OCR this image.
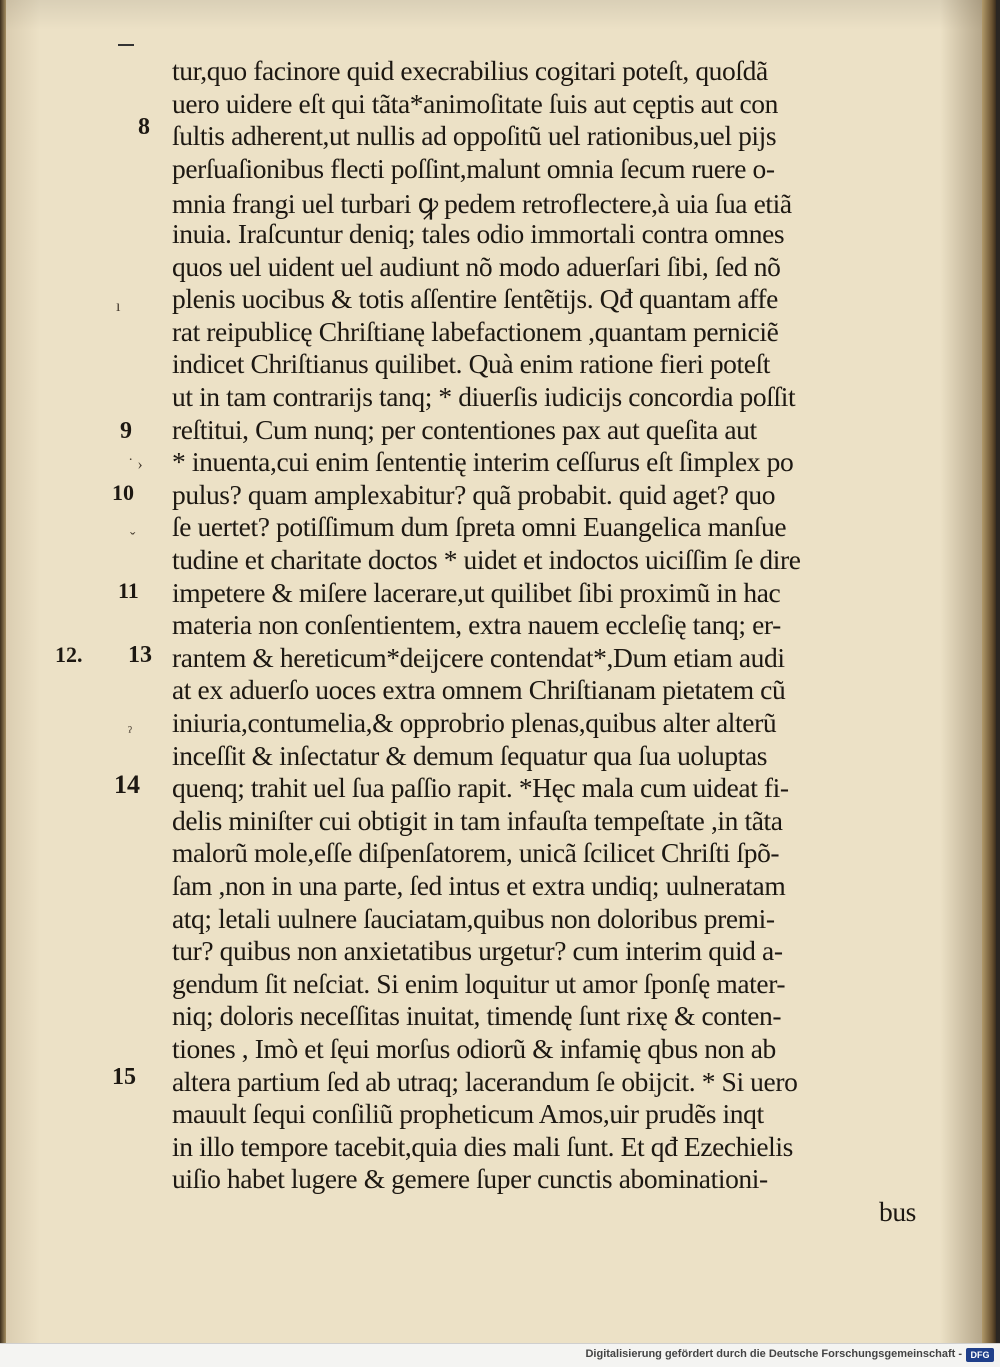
tur,quo facinore quid execrabilius cogitari poteſt, quoſdã
uero uidere eſt qui tãta*animoſitate ſuis aut cęptis aut con
ſultis adherent,ut nullis ad oppoſitũ uel rationibus,uel pijs
perſuaſionibus flecti poſſint,malunt omnia ſecum ruere o-
mnia frangi uel turbari ꝙ pedem retroflectere,à uia ſua etiã
inuia. Iraſcuntur deniq; tales odio immortali contra omnes
quos uel uident uel audiunt nõ modo aduerſari ſibi, ſed nõ
plenis uocibus & totis aſſentire ſentẽtijs. Qđ quantam affe
rat reipublicę Chriſtianę labefactionem ,quantam perniciẽ
indicet Chriſtianus quilibet. Quà enim ratione fieri poteſt
ut in tam contrarijs tanq; * diuerſis iudicijs concordia poſſit
reſtitui, Cum nunq; per contentiones pax aut queſita aut
* inuenta,cui enim ſententię interim ceſſurus eſt ſimplex po
pulus? quam amplexabitur? quã probabit. quid aget? quo
ſe uertet? potiſſimum dum ſpreta omni Euangelica manſue
tudine et charitate doctos * uidet et indoctos uiciſſim ſe dire
impetere & miſere lacerare,ut quilibet ſibi proximũ in hac
materia non conſentientem, extra nauem eccleſię tanq; er-
rantem & hereticum*deijcere contendat*,Dum etiam audi
at ex aduerſo uoces extra omnem Chriſtianam pietatem cũ
iniuria,contumelia,& opprobrio plenas,quibus alter alterũ
inceſſit & inſectatur & demum ſequatur qua ſua uoluptas
quenq; trahit uel ſua paſſio rapit. *Hęc mala cum uideat fi-
delis miniſter cui obtigit in tam infauſta tempeſtate ,in tãta
malorũ mole,eſſe diſpenſatorem, unicã ſcilicet Chriſti ſpõ-
ſam ,non in una parte, ſed intus et extra undiq; uulneratam
atq; letali uulnere ſauciatam,quibus non doloribus premi-
tur? quibus non anxietatibus urgetur? cum interim quid a-
gendum ſit neſciat. Si enim loquitur ut amor ſponſę mater-
niq; doloris neceſſitas inuitat, timendę ſunt rixę & conten-
tiones , Imò et ſęui morſus odiorũ & infamię qbus non ab
altera partium ſed ab utraq; lacerandum ſe obijcit. * Si uero
mauult ſequi conſiliũ propheticum Amos,uir prudẽs inqt
in illo tempore tacebit,quia dies mali ſunt. Et qđ Ezechielis
uiſio habet lugere & gemere ſuper cunctis abominationi-
bus
8
ı
9
˙ ›
10
ˇ
11
12. 13
ˀ
14
15
Digitalisierung gefördert durch die Deutsche Forschungsgemeinschaft - DFG
